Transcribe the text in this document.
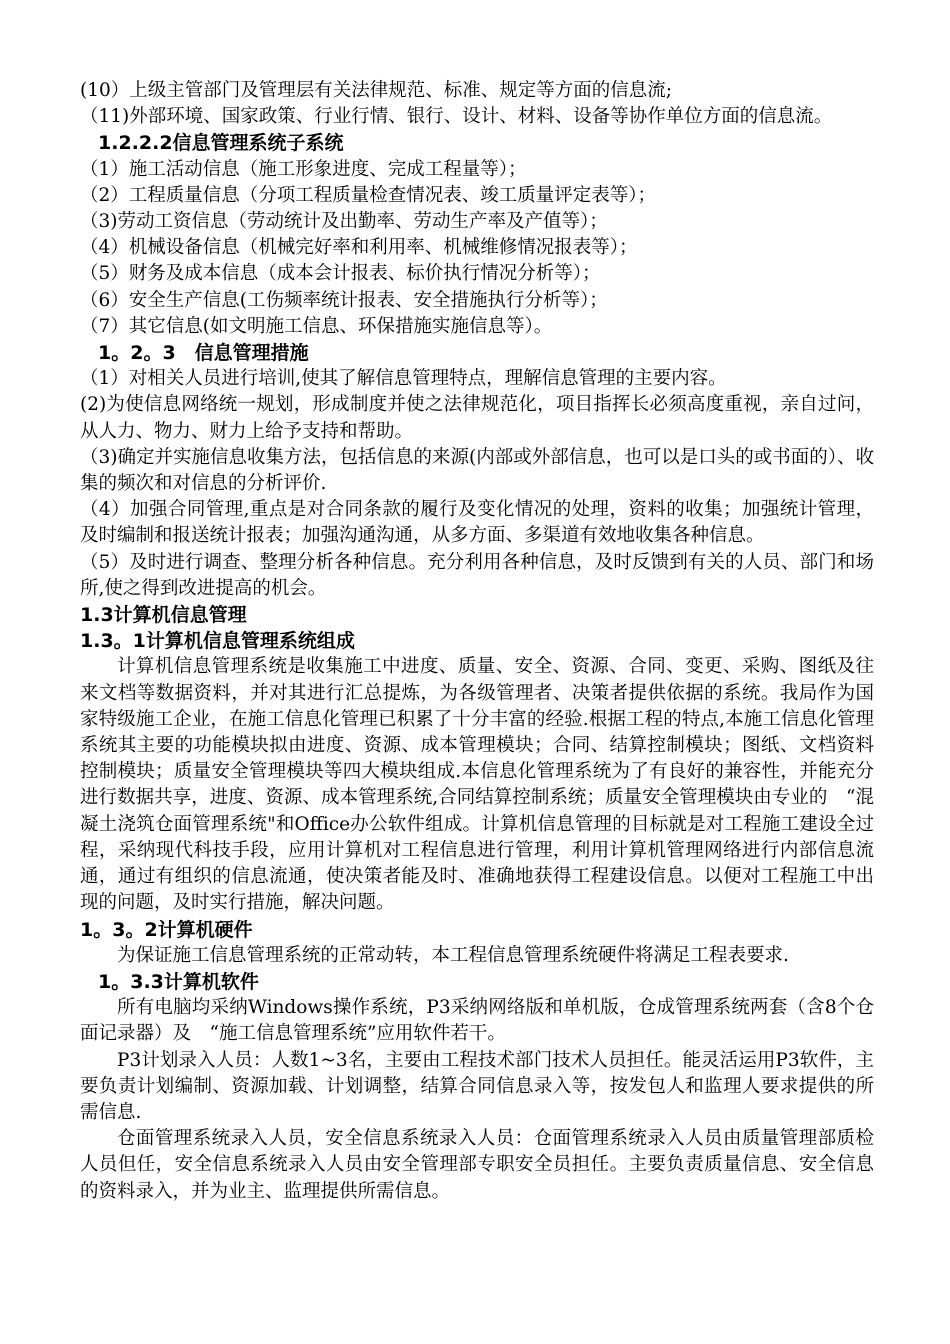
(10）上级主管部门及管理层有关法律规范、标准、规定等方面的信息流;

（11)外部环境、国家政策、行业行情、银行、设计、材料、设备等协作单位方面的信息流。

1.2.2.2信息管理系统子系统

（1）施工活动信息（施工形象进度、完成工程量等）；

（2）工程质量信息（分项工程质量检查情况表、竣工质量评定表等）；

（3)劳动工资信息（劳动统计及出勤率、劳动生产率及产值等）；

（4）机械设备信息（机械完好率和利用率、机械维修情况报表等）；

（5）财务及成本信息（成本会计报表、标价执行情况分析等）；

（6）安全生产信息(工伤频率统计报表、安全措施执行分析等）；

（7）其它信息(如文明施工信息、环保措施实施信息等）。

1。2。3　信息管理措施

（1）对相关人员进行培训,使其了解信息管理特点，理解信息管理的主要内容。

(2)为使信息网络统一规划，形成制度并使之法律规范化，项目指挥长必须高度重视，亲自过问，从人力、物力、财力上给予支持和帮助。

（3)确定并实施信息收集方法，包括信息的来源(内部或外部信息，也可以是口头的或书面的）、收集的频次和对信息的分析评价.

（4）加强合同管理,重点是对合同条款的履行及变化情况的处理，资料的收集；加强统计管理，及时编制和报送统计报表；加强沟通沟通，从多方面、多渠道有效地收集各种信息。

（5）及时进行调查、整理分析各种信息。充分利用各种信息，及时反馈到有关的人员、部门和场所,使之得到改进提高的机会。

1.3计算机信息管理

1.3。1计算机信息管理系统组成

计算机信息管理系统是收集施工中进度、质量、安全、资源、合同、变更、采购、图纸及往来文档等数据资料，并对其进行汇总提炼，为各级管理者、决策者提供依据的系统。我局作为国家特级施工企业，在施工信息化管理已积累了十分丰富的经验.根据工程的特点,本施工信息化管理系统其主要的功能模块拟由进度、资源、成本管理模块；合同、结算控制模块；图纸、文档资料控制模块；质量安全管理模块等四大模块组成.本信息化管理系统为了有良好的兼容性，并能充分进行数据共享，进度、资源、成本管理系统,合同结算控制系统；质量安全管理模块由专业的　“混凝土浇筑仓面管理系统"和Office办公软件组成。计算机信息管理的目标就是对工程施工建设全过程，采纳现代科技手段，应用计算机对工程信息进行管理，利用计算机管理网络进行内部信息流通，通过有组织的信息流通，使决策者能及时、准确地获得工程建设信息。以便对工程施工中出现的问题，及时实行措施，解决问题。

1。3。2计算机硬件

为保证施工信息管理系统的正常动转，本工程信息管理系统硬件将满足工程表要求.

1。3.3计算机软件

所有电脑均采纳Windows操作系统，P3采纳网络版和单机版，仓成管理系统两套（含8个仓面记录器）及　“施工信息管理系统”应用软件若干。

P3计划录入人员：人数1~3名，主要由工程技术部门技术人员担任。能灵活运用P3软件，主要负责计划编制、资源加载、计划调整，结算合同信息录入等，按发包人和监理人要求提供的所需信息.

仓面管理系统录入人员，安全信息系统录入人员：仓面管理系统录入人员由质量管理部质检人员但任，安全信息系统录入人员由安全管理部专职安全员担任。主要负责质量信息、安全信息的资料录入，并为业主、监理提供所需信息。
